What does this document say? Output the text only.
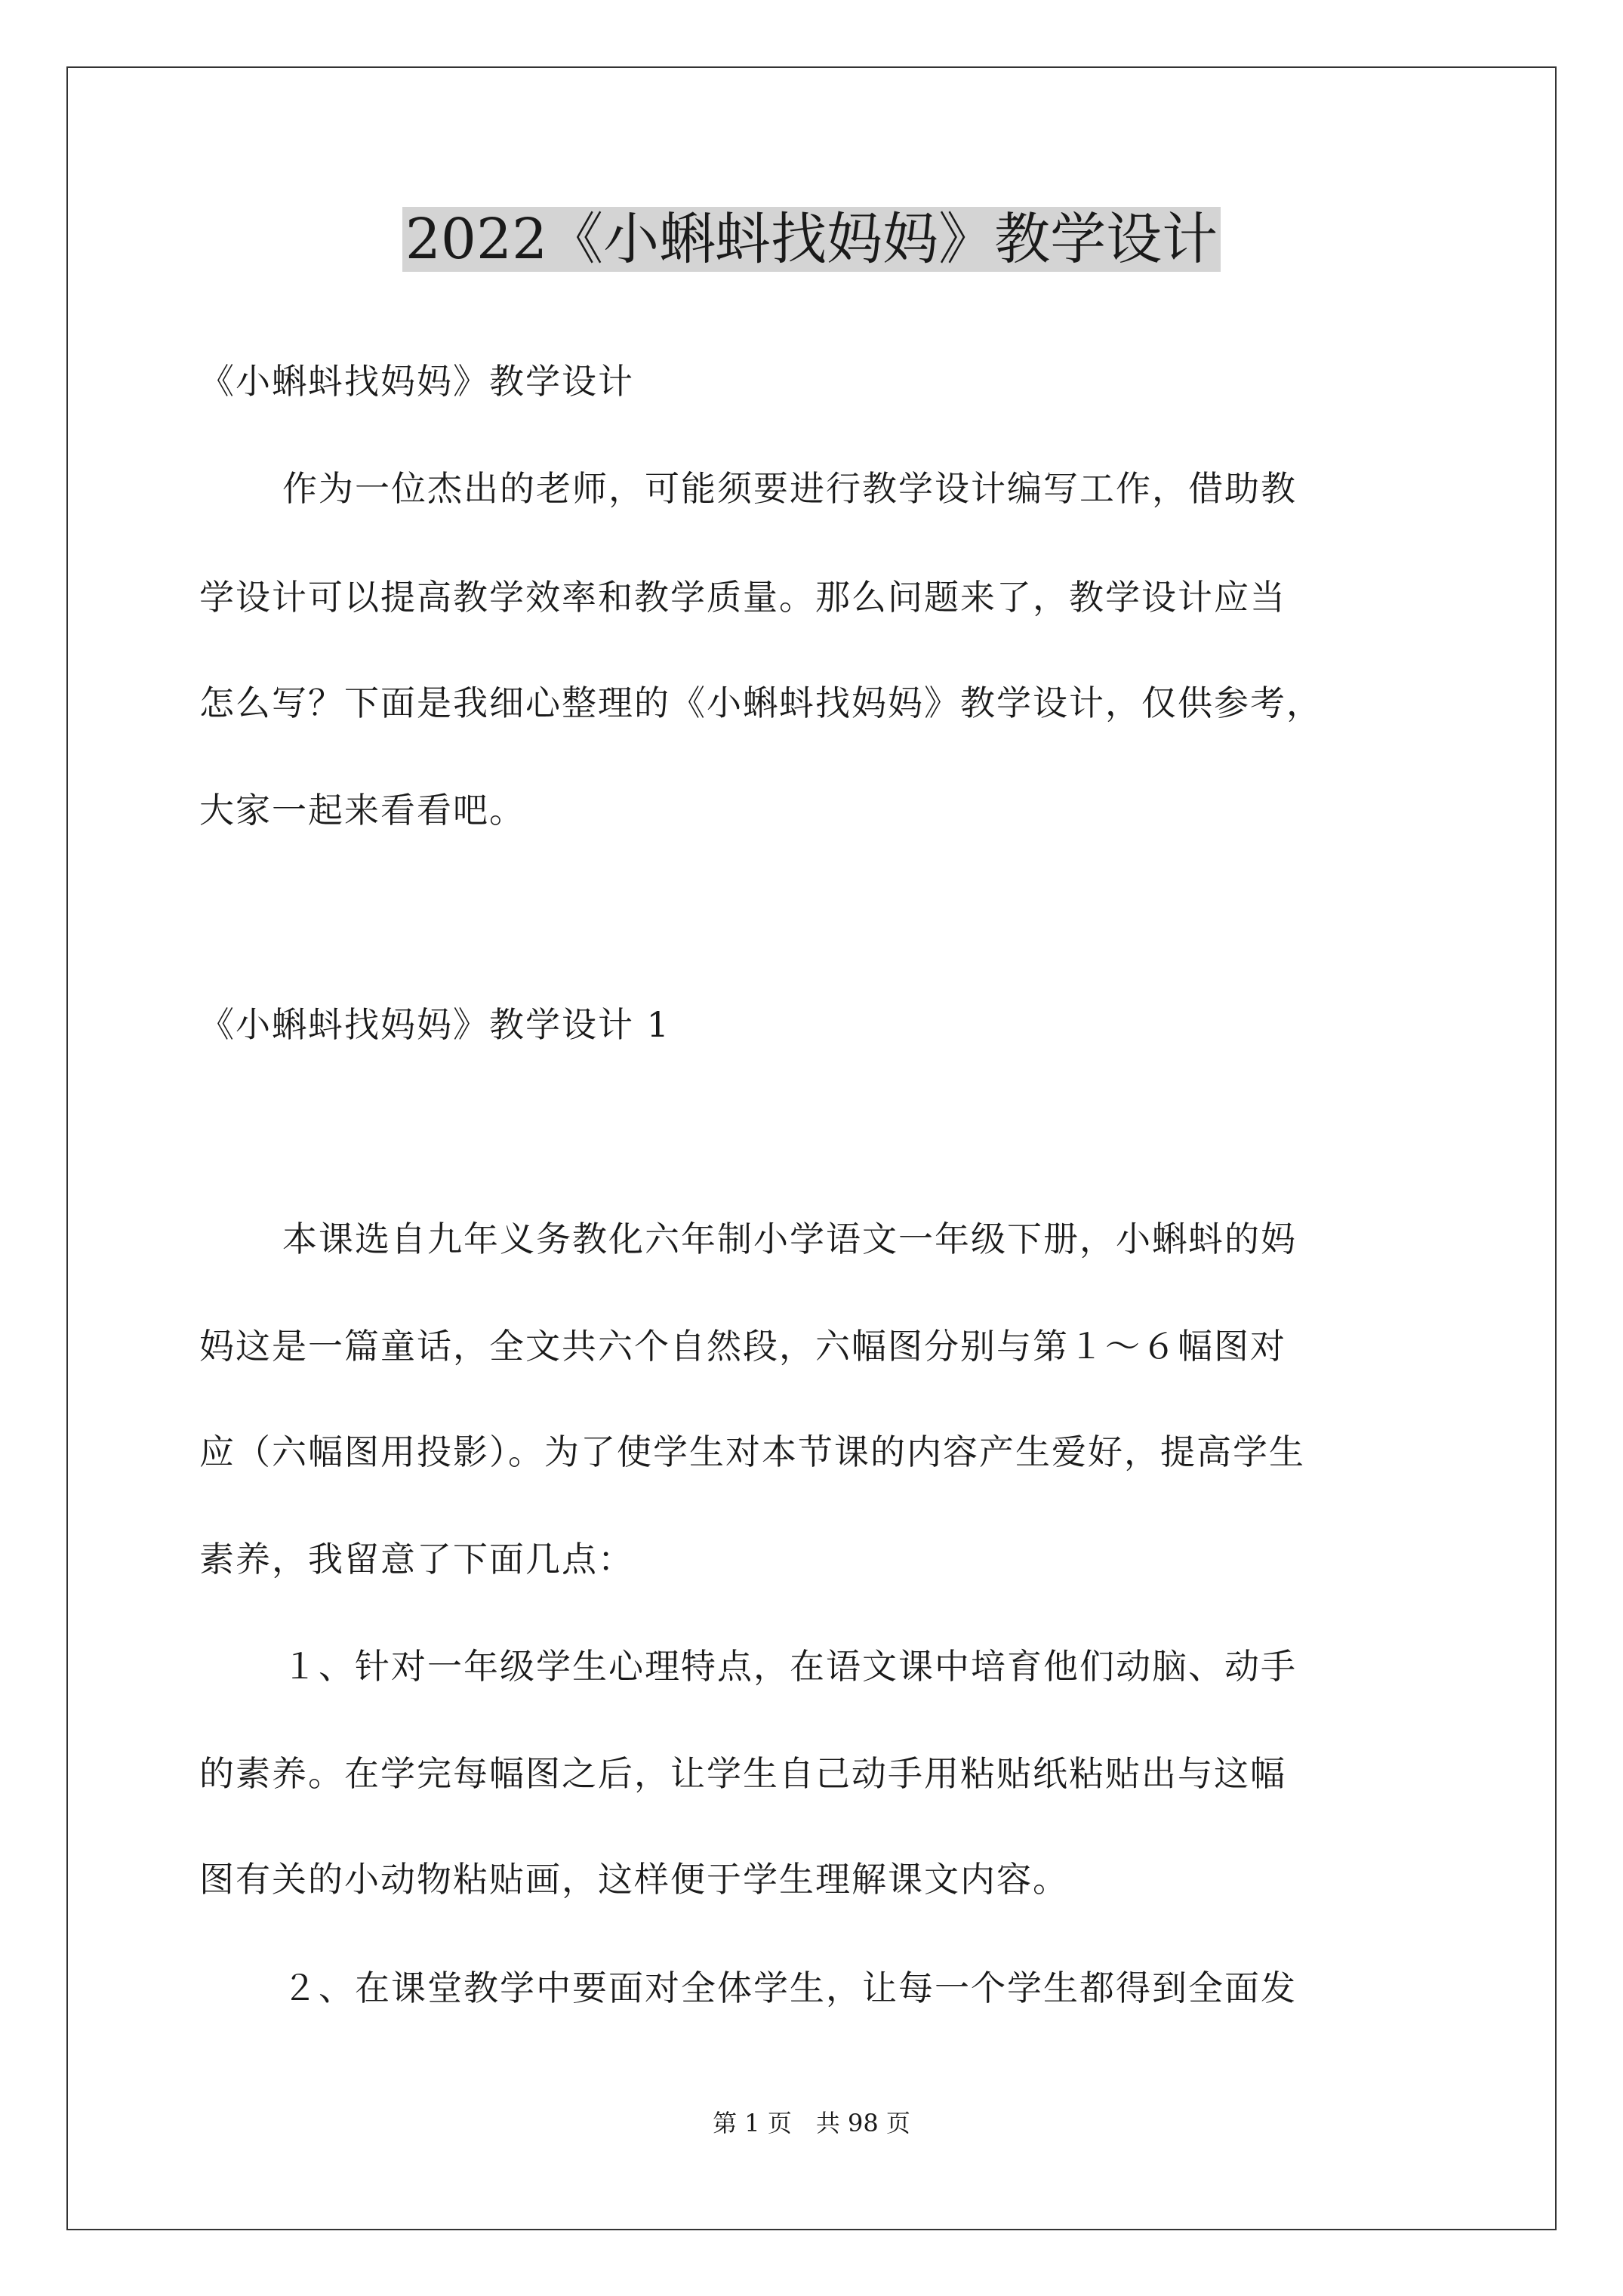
2022《小蝌蚪找妈妈》教学设计
《小蝌蚪找妈妈》教学设计
作为一位杰出的老师，可能须要进行教学设计编写工作，借助教
学设计可以提高教学效率和教学质量。那么问题来了，教学设计应当
怎么写？下面是我细心整理的《小蝌蚪找妈妈》教学设计，仅供参考，
大家一起来看看吧。
《小蝌蚪找妈妈》教学设计 1
本课选自九年义务教化六年制小学语文一年级下册，小蝌蚪的妈
妈这是一篇童话，全文共六个自然段，六幅图分别与第１～６幅图对
应（六幅图用投影）。为了使学生对本节课的内容产生爱好，提高学生
素养，我留意了下面几点：
１、针对一年级学生心理特点，在语文课中培育他们动脑、动手
的素养。在学完每幅图之后，让学生自己动手用粘贴纸粘贴出与这幅
图有关的小动物粘贴画，这样便于学生理解课文内容。
２、在课堂教学中要面对全体学生，让每一个学生都得到全面发
第 1 页　共 98 页
